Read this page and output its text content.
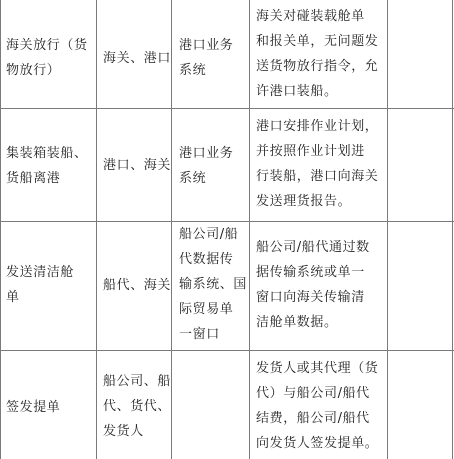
海关放行（货
物放行）
海关、港口
港口业务
系统
海关对碰装载舱单
和报关单，无问题发
送货物放行指令，允
许港口装船。
集装箱装船、
货船离港
港口、海关
港口业务
系统
港口安排作业计划，
并按照作业计划进
行装船，港口向海关
发送理货报告。
发送清洁舱
单
船代、海关
船公司/船
代数据传
输系统、国
际贸易单
一窗口
船公司/船代通过数
据传输系统或单一
窗口向海关传输清
洁舱单数据。
签发提单
船公司、船
代、货代、
发货人
发货人或其代理（货
代）与船公司/船代
结费，船公司/船代
向发货人签发提单。
